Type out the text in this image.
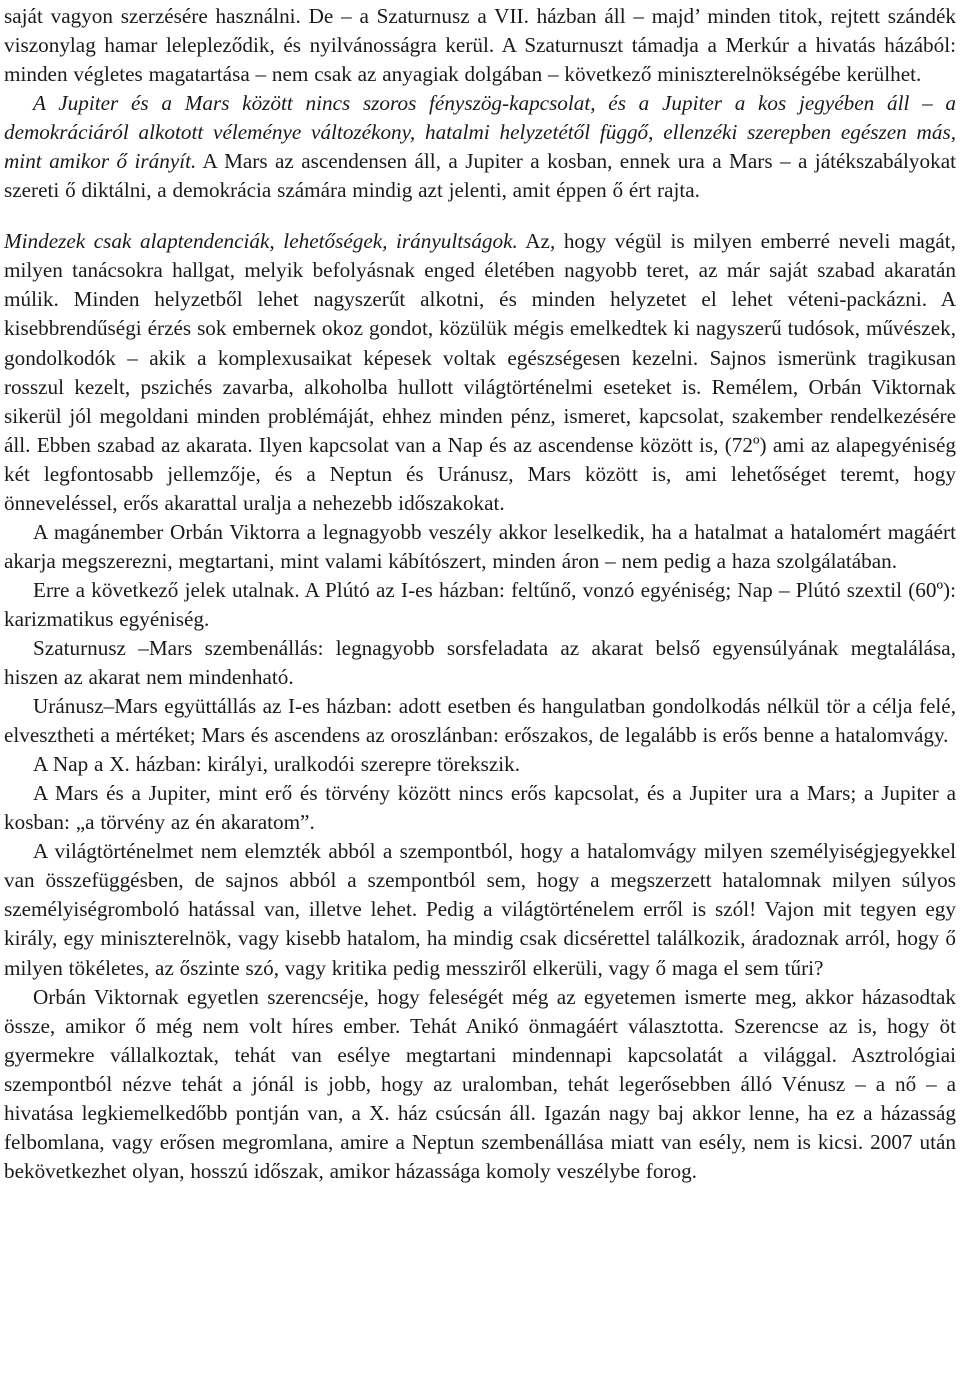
saját vagyon szerzésére használni. De – a Szaturnusz a VII. házban áll – majd’ minden titok, rejtett szándék viszonylag hamar lelepleződik, és nyilvánosságra kerül. A Szaturnuszt támadja a Merkúr a hivatás házából: minden végletes magatartása – nem csak az anyagiak dolgában – következő miniszterelnökségébe kerülhet.

A Jupiter és a Mars között nincs szoros fényszög-kapcsolat, és a Jupiter a kos jegyében áll – a demokráciáról alkotott véleménye változékony, hatalmi helyzetétől függő, ellenzéki szerepben egészen más, mint amikor ő irányít. A Mars az ascendensen áll, a Jupiter a kosban, ennek ura a Mars – a játékszabályokat szereti ő diktálni, a demokrácia számára mindig azt jelenti, amit éppen ő ért rajta.

Mindezek csak alaptendenciák, lehetőségek, irányultságok. Az, hogy végül is milyen emberré neveli magát, milyen tanácsokra hallgat, melyik befolyásnak enged életében nagyobb teret, az már saját szabad akaratán múlik. Minden helyzetből lehet nagyszerűt alkotni, és minden helyzetet el lehet véteni-packázni. A kisebbrendűségi érzés sok embernek okoz gondot, közülük mégis emelkedtek ki nagyszerű tudósok, művészek, gondolkodók – akik a komplexusaikat képesek voltak egészségesen kezelni. Sajnos ismerünk tragikusan rosszul kezelt, pszichés zavarba, alkoholba hullott világtörténelmi eseteket is. Remélem, Orbán Viktornak sikerül jól megoldani minden problémáját, ehhez minden pénz, ismeret, kapcsolat, szakember rendelkezésére áll. Ebben szabad az akarata. Ilyen kapcsolat van a Nap és az ascendense között is, (72º) ami az alapegyéniség két legfontosabb jellemzője, és a Neptun és Uránusz, Mars között is, ami lehetőséget teremt, hogy önneveléssel, erős akarattal uralja a nehezebb időszakokat.

A magánember Orbán Viktorra a legnagyobb veszély akkor leselkedik, ha a hatalmat a hatalomért magáért akarja megszerezni, megtartani, mint valami kábítószert, minden áron – nem pedig a haza szolgálatában.

Erre a következő jelek utalnak. A Plútó az I-es házban: feltűnő, vonzó egyéniség; Nap – Plútó szextil (60º): karizmatikus egyéniség.

Szaturnusz –Mars szembenállás: legnagyobb sorsfeladata az akarat belső egyensúlyának megtalálása, hiszen az akarat nem mindenható.

Uránusz–Mars együttállás az I-es házban: adott esetben és hangulatban gondolkodás nélkül tör a célja felé, elvesztheti a mértéket; Mars és ascendens az oroszlánban: erőszakos, de legalább is erős benne a hatalomvágy.

A Nap a X. házban: királyi, uralkodói szerepre törekszik.

A Mars és a Jupiter, mint erő és törvény között nincs erős kapcsolat, és a Jupiter ura a Mars; a Jupiter a kosban: „a törvény az én akaratom”.

A világtörténelmet nem elemzték abból a szempontból, hogy a hatalomvágy milyen személyiségjegyekkel van összefüggésben, de sajnos abból a szempontból sem, hogy a megszerzett hatalomnak milyen súlyos személyiségromboló hatással van, illetve lehet. Pedig a világtörténelem erről is szól! Vajon mit tegyen egy király, egy miniszterelnök, vagy kisebb hatalom, ha mindig csak dicsérettel találkozik, áradoznak arról, hogy ő milyen tökéletes, az őszinte szó, vagy kritika pedig messziről elkerüli, vagy ő maga el sem tűri?

Orbán Viktornak egyetlen szerencséje, hogy feleségét még az egyetemen ismerte meg, akkor házasodtak össze, amikor ő még nem volt híres ember. Tehát Anikó önmagáért választotta. Szerencse az is, hogy öt gyermekre vállalkoztak, tehát van esélye megtartani mindennapi kapcsolatát a világgal. Asztrológiai szempontból nézve tehát a jónál is jobb, hogy az uralomban, tehát legerősebben álló Vénusz – a nő – a hivatása legkiemelkedőbb pontján van, a X. ház csúcsán áll. Igazán nagy baj akkor lenne, ha ez a házasság felbomlana, vagy erősen megromlana, amire a Neptun szembenállása miatt van esély, nem is kicsi. 2007 után bekövetkezhet olyan, hosszú időszak, amikor házassága komoly veszélybe forog.
